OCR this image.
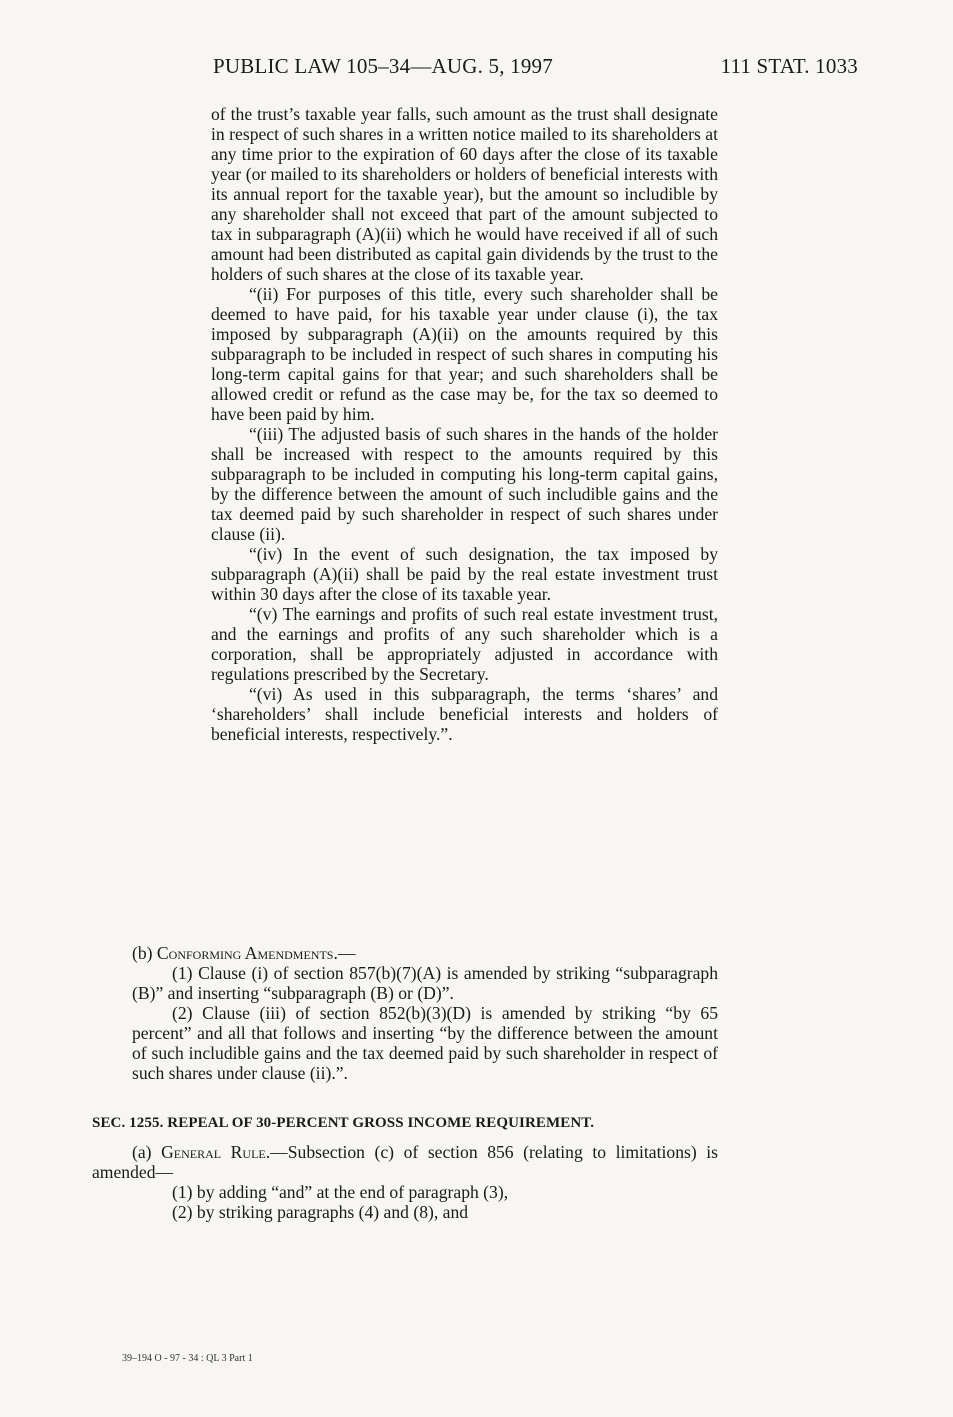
PUBLIC LAW 105–34—AUG. 5, 1997	111 STAT. 1033

of the trust’s taxable year falls, such amount as the trust shall designate in respect of such shares in a written notice mailed to its shareholders at any time prior to the expiration of 60 days after the close of its taxable year (or mailed to its shareholders or holders of beneficial interests with its annual report for the taxable year), but the amount so includible by any shareholder shall not exceed that part of the amount subjected to tax in subparagraph (A)(ii) which he would have received if all of such amount had been distributed as capital gain dividends by the trust to the holders of such shares at the close of its taxable year.

“(ii) For purposes of this title, every such shareholder shall be deemed to have paid, for his taxable year under clause (i), the tax imposed by subparagraph (A)(ii) on the amounts required by this subparagraph to be included in respect of such shares in computing his long-term capital gains for that year; and such shareholders shall be allowed credit or refund as the case may be, for the tax so deemed to have been paid by him.

“(iii) The adjusted basis of such shares in the hands of the holder shall be increased with respect to the amounts required by this subparagraph to be included in computing his long-term capital gains, by the difference between the amount of such includible gains and the tax deemed paid by such shareholder in respect of such shares under clause (ii).

“(iv) In the event of such designation, the tax imposed by subparagraph (A)(ii) shall be paid by the real estate investment trust within 30 days after the close of its taxable year.

“(v) The earnings and profits of such real estate investment trust, and the earnings and profits of any such shareholder which is a corporation, shall be appropriately adjusted in accordance with regulations prescribed by the Secretary.

“(vi) As used in this subparagraph, the terms ‘shares’ and ‘shareholders’ shall include beneficial interests and holders of beneficial interests, respectively.”.

(b) Conforming Amendments.—

(1) Clause (i) of section 857(b)(7)(A) is amended by striking “subparagraph (B)” and inserting “subparagraph (B) or (D)”.

(2) Clause (iii) of section 852(b)(3)(D) is amended by striking “by 65 percent” and all that follows and inserting “by the difference between the amount of such includible gains and the tax deemed paid by such shareholder in respect of such shares under clause (ii).”.

SEC. 1255. REPEAL OF 30-PERCENT GROSS INCOME REQUIREMENT.

(a) General Rule.—Subsection (c) of section 856 (relating to limitations) is amended—

(1) by adding “and” at the end of paragraph (3),

(2) by striking paragraphs (4) and (8), and

39–194 O - 97 - 34 : QL 3 Part 1
